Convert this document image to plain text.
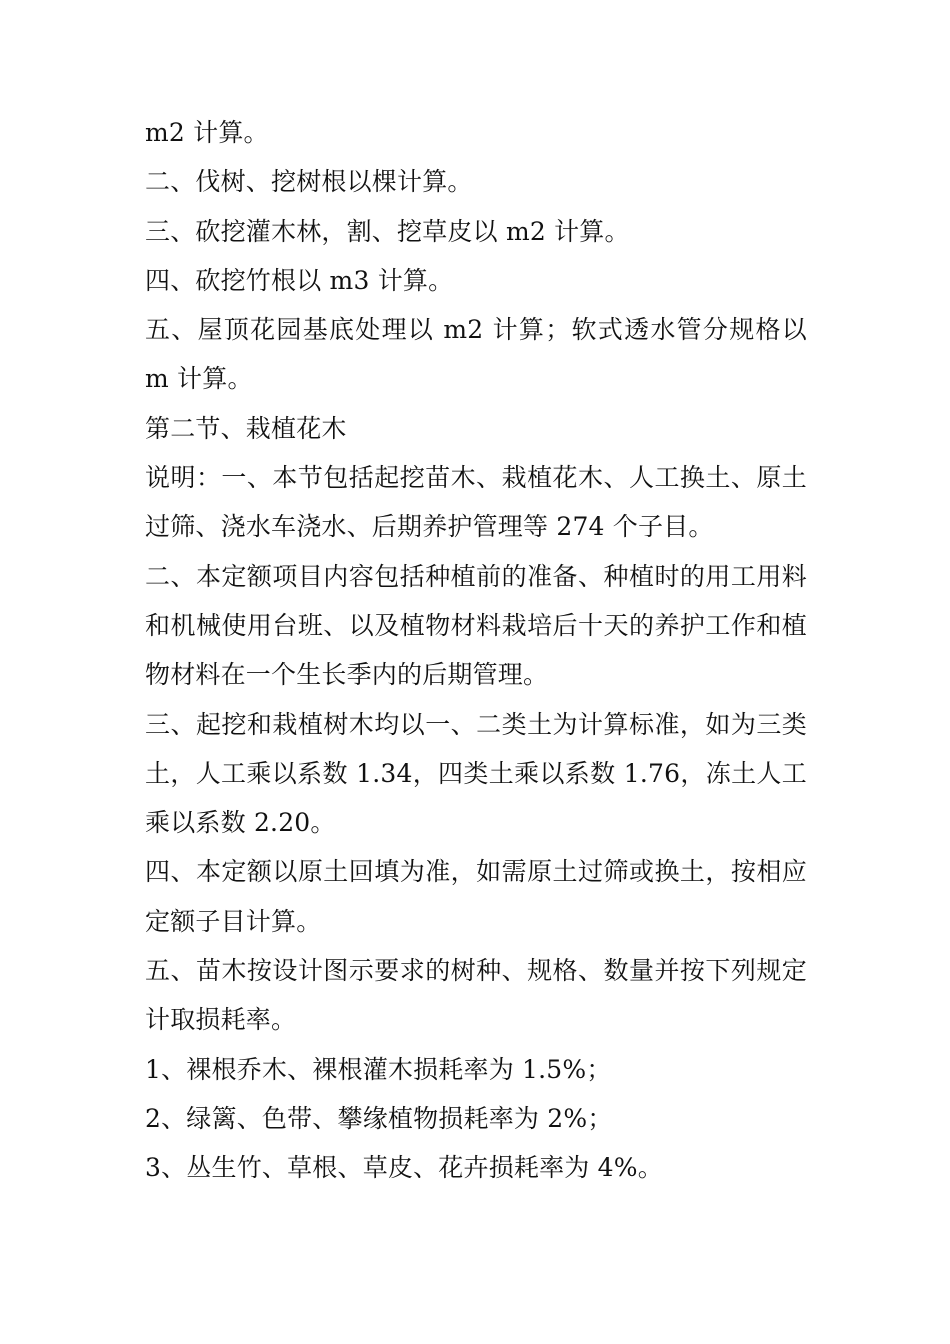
m2 计算。

二、伐树、挖树根以棵计算。

三、砍挖灌木林，割、挖草皮以 m2 计算。

四、砍挖竹根以 m3 计算。

五、屋顶花园基底处理以 m2 计算；软式透水管分规格以 m 计算。

第二节、栽植花木

说明：一、本节包括起挖苗木、栽植花木、人工换土、原土过筛、浇水车浇水、后期养护管理等 274 个子目。

二、本定额项目内容包括种植前的准备、种植时的用工用料和机械使用台班、以及植物材料栽培后十天的养护工作和植物材料在一个生长季内的后期管理。

三、起挖和栽植树木均以一、二类土为计算标准，如为三类土，人工乘以系数 1.34，四类土乘以系数 1.76，冻土人工乘以系数 2.20。

四、本定额以原土回填为准，如需原土过筛或换土，按相应定额子目计算。

五、苗木按设计图示要求的树种、规格、数量并按下列规定计取损耗率。

1、裸根乔木、裸根灌木损耗率为 1.5%；

2、绿篱、色带、攀缘植物损耗率为 2%；

3、丛生竹、草根、草皮、花卉损耗率为 4%。
